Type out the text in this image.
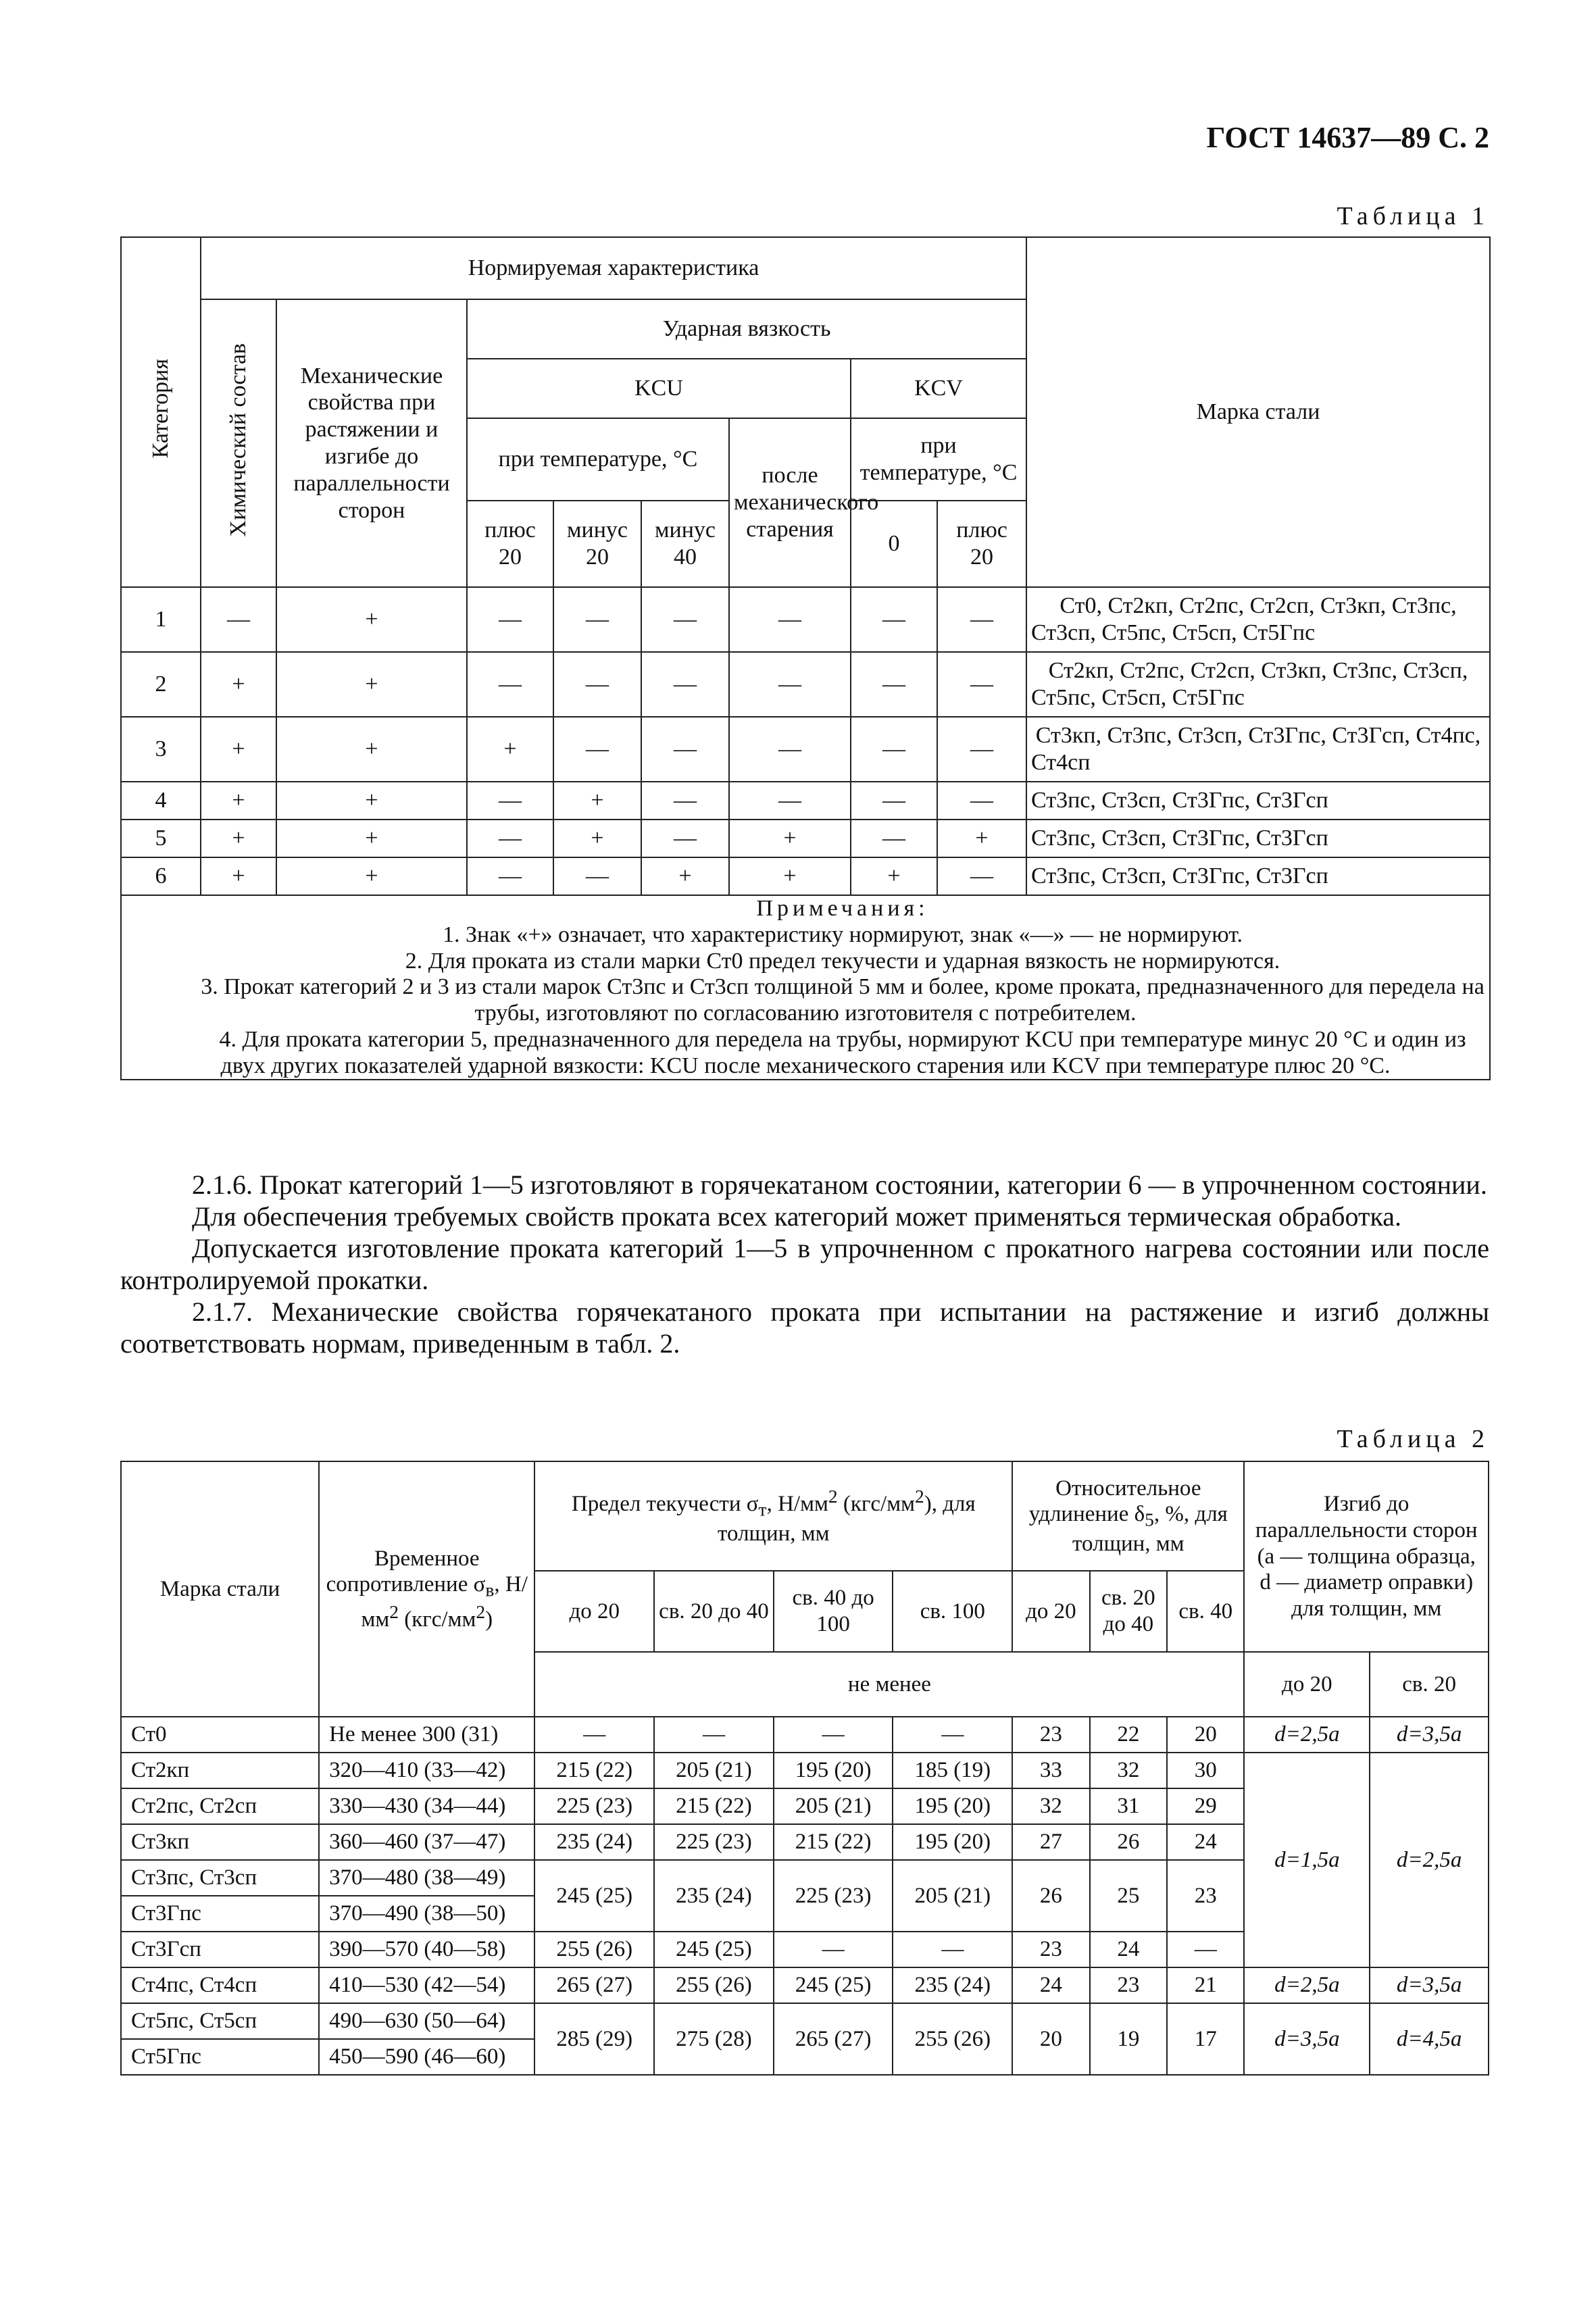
ГОСТ 14637—89 С. 2
Таблица 1
Категория	Нормируемая характеристика								Марка стали
	Химический состав	Механические свойства при растяжении и изгибе до параллельности сторон	Ударная вязкость						
			KCU				KCV		
			при температуре, °С			после механического старения	при температуре, °С		
			плюс 20	минус 20	минус 40		0	плюс 20	
1	—	+	—	—	—	—	—	—	Ст0, Ст2кп, Ст2пс, Ст2сп, Ст3кп, Ст3пс, Ст3сп, Ст5пс, Ст5сп, Ст5Гпс
2	+	+	—	—	—	—	—	—	Ст2кп, Ст2пс, Ст2сп, Ст3кп, Ст3пс, Ст3сп, Ст5пс, Ст5сп, Ст5Гпс
3	+	+	+	—	—	—	—	—	Ст3кп, Ст3пс, Ст3сп, Ст3Гпс, Ст3Гсп, Ст4пс, Ст4сп
4	+	+	—	+	—	—	—	—	Ст3пс, Ст3сп, Ст3Гпс, Ст3Гсп
5	+	+	—	+	—	+	—	+	Ст3пс, Ст3сп, Ст3Гпс, Ст3Гсп
6	+	+	—	—	+	+	+	—	Ст3пс, Ст3сп, Ст3Гпс, Ст3Гсп

Примечания:

1. Знак «+» означает, что характеристику нормируют, знак «—» — не нормируют.

2. Для проката из стали марки Ст0 предел текучести и ударная вязкость не нормируются.

3. Прокат категорий 2 и 3 из стали марок Ст3пс и Ст3сп толщиной 5 мм и более, кроме проката, предназначенного для передела на трубы, изготовляют по согласованию изготовителя с потребителем.

4. Для проката категории 5, предназначенного для передела на трубы, нормируют KCU при температуре минус 20 °С и один из двух других показателей ударной вязкости: KCU после механического старения или KCV при температуре плюс 20 °С.									

2.1.6. Прокат категорий 1—5 изготовляют в горячекатаном состоянии, категории 6 — в упрочненном состоянии.

Для обеспечения требуемых свойств проката всех категорий может применяться термическая обработка.

Допускается изготовление проката категорий 1—5 в упрочненном с прокатного нагрева состоянии или после контролируемой прокатки.

2.1.7. Механические свойства горячекатаного проката при испытании на растяжение и изгиб должны соответствовать нормам, приведенным в табл. 2.

Таблица 2
Марка стали	Временное сопротивление $\sigma_в$, $Н/мм^2$ $(кгс/мм^2)$	Предел текучести $\sigma_т$, $Н/мм^2$ $(кгс/мм^2)$, для толщин, мм				Относительное удлинение $\delta_5$, %, для толщин, мм			Изгиб до параллельности сторон (a — толщина образца, d — диаметр оправки) для толщин, мм	
		до 20	св. 20 до 40	св. 40 до 100	св. 100	до 20	св. 20 до 40	св. 40		
		не менее							до 20	св. 20
Ст0	Не менее 300 (31)	—	—	—	—	23	22	20	d=2,5a	d=3,5a
Ст2кп	320—410 (33—42)	215 (22)	205 (21)	195 (20)	185 (19)	33	32	30	d=1,5a	d=2,5a
Ст2пс, Ст2сп	330—430 (34—44)	225 (23)	215 (22)	205 (21)	195 (20)	32	31	29		
Ст3кп	360—460 (37—47)	235 (24)	225 (23)	215 (22)	195 (20)	27	26	24		
Ст3пс, Ст3сп	370—480 (38—49)	245 (25)	235 (24)	225 (23)	205 (21)	26	25	23		
Ст3Гпс	370—490 (38—50)									
Ст3Гсп	390—570 (40—58)	255 (26)	245 (25)	—	—	23	24	—		
Ст4пс, Ст4сп	410—530 (42—54)	265 (27)	255 (26)	245 (25)	235 (24)	24	23	21	d=2,5a	d=3,5a
Ст5пс, Ст5сп	490—630 (50—64)	285 (29)	275 (28)	265 (27)	255 (26)	20	19	17	d=3,5a	d=4,5a
Ст5Гпс	450—590 (46—60)									
